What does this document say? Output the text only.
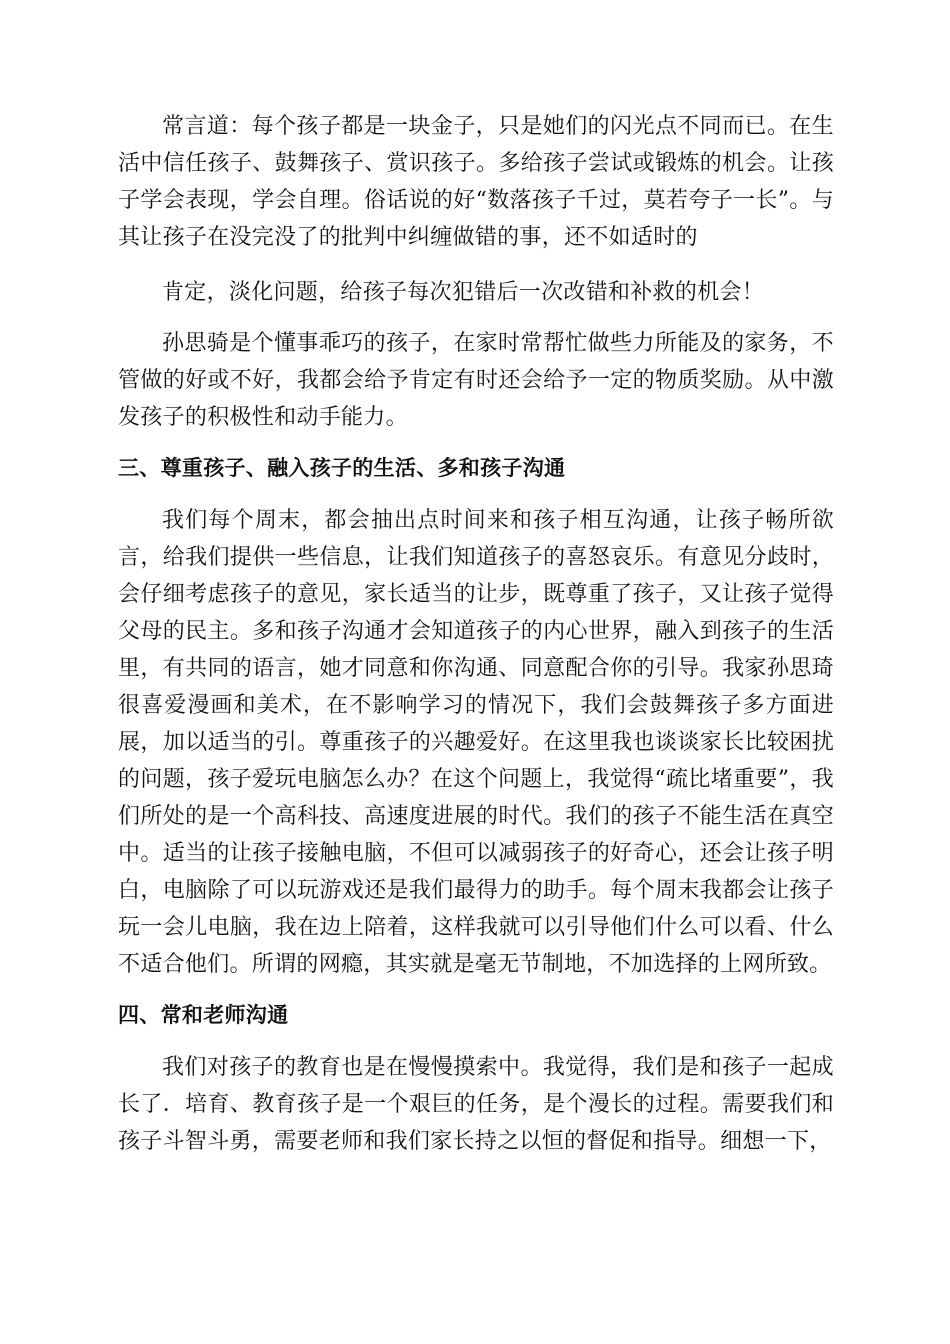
常言道：每个孩子都是一块金子，只是她们的闪光点不同而已。在生活中信任孩子、鼓舞孩子、赏识孩子。多给孩子尝试或锻炼的机会。让孩子学会表现，学会自理。俗话说的好“数落孩子千过，莫若夸子一长”。与其让孩子在没完没了的批判中纠缠做错的事，还不如适时的

肯定，淡化问题，给孩子每次犯错后一次改错和补救的机会！

孙思骑是个懂事乖巧的孩子，在家时常帮忙做些力所能及的家务，不管做的好或不好，我都会给予肯定有时还会给予一定的物质奖励。从中激发孩子的积极性和动手能力。

三、尊重孩子、融入孩子的生活、多和孩子沟通

我们每个周末，都会抽出点时间来和孩子相互沟通，让孩子畅所欲言，给我们提供一些信息，让我们知道孩子的喜怒哀乐。有意见分歧时，会仔细考虑孩子的意见，家长适当的让步，既尊重了孩子，又让孩子觉得父母的民主。多和孩子沟通才会知道孩子的内心世界，融入到孩子的生活里，有共同的语言，她才同意和你沟通、同意配合你的引导。我家孙思琦很喜爱漫画和美术，在不影响学习的情况下，我们会鼓舞孩子多方面进展，加以适当的引。尊重孩子的兴趣爱好。在这里我也谈谈家长比较困扰的问题，孩子爱玩电脑怎么办？在这个问题上，我觉得“疏比堵重要”，我们所处的是一个高科技、高速度进展的时代。我们的孩子不能生活在真空中。适当的让孩子接触电脑，不但可以减弱孩子的好奇心，还会让孩子明白，电脑除了可以玩游戏还是我们最得力的助手。每个周末我都会让孩子玩一会儿电脑，我在边上陪着，这样我就可以引导他们什么可以看、什么不适合他们。所谓的网瘾，其实就是毫无节制地，不加选择的上网所致。

四、常和老师沟通

我们对孩子的教育也是在慢慢摸索中。我觉得，我们是和孩子一起成长了．培育、教育孩子是一个艰巨的任务，是个漫长的过程。需要我们和孩子斗智斗勇，需要老师和我们家长持之以恒的督促和指导。细想一下，
